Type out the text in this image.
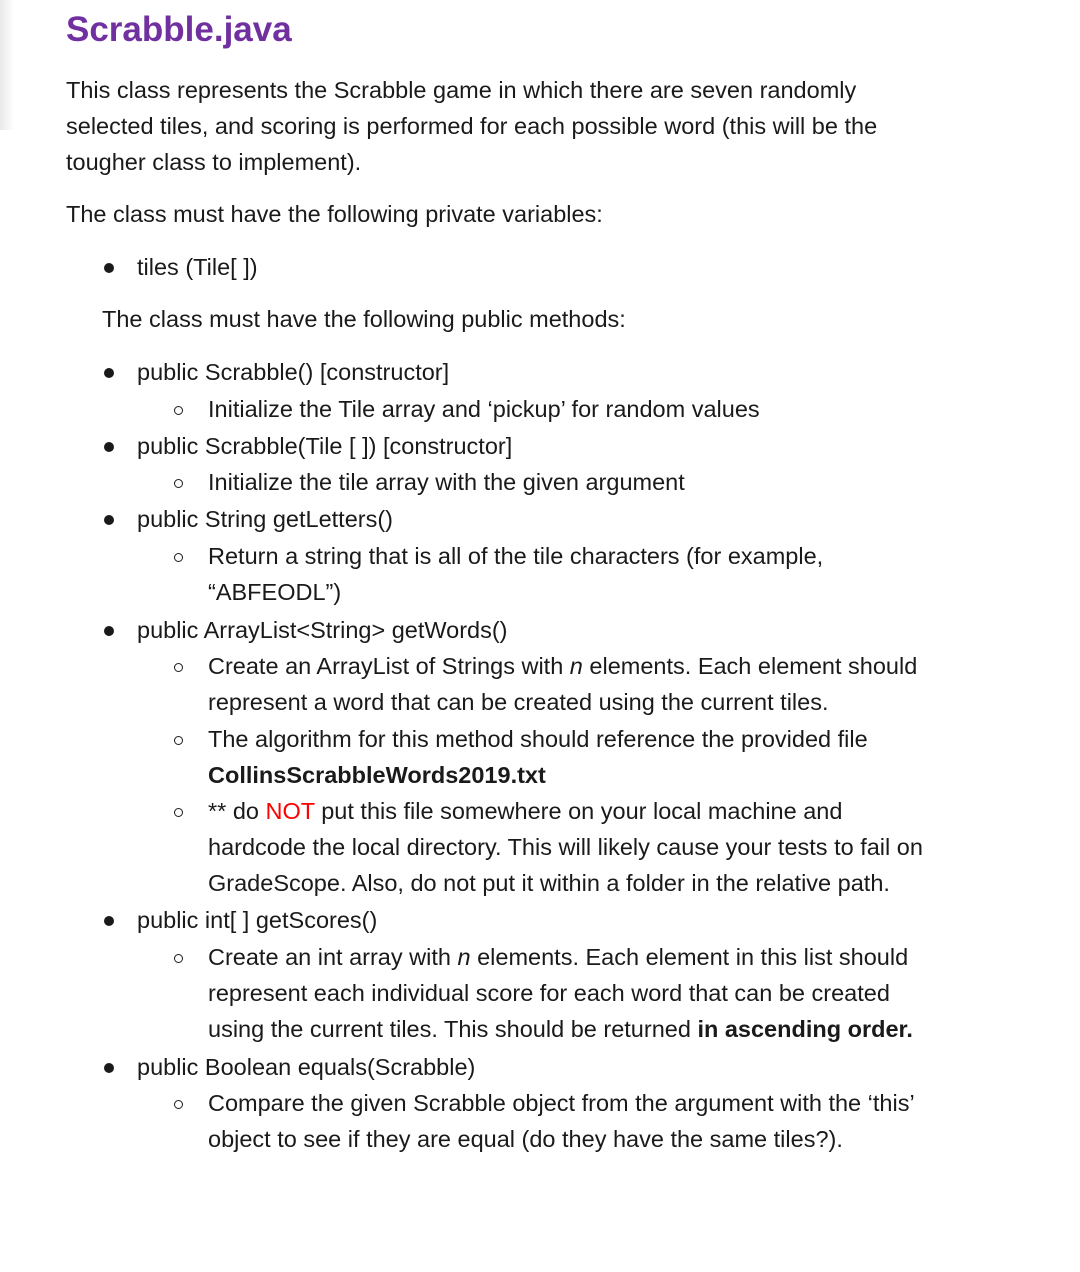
Scrabble.java
This class represents the Scrabble game in which there are seven randomly
selected tiles, and scoring is performed for each possible word (this will be the
tougher class to implement).
The class must have the following private variables:
tiles (Tile[ ])
The class must have the following public methods:
public Scrabble() [constructor]
Initialize the Tile array and ‘pickup’ for random values
public Scrabble(Tile [ ]) [constructor]
Initialize the tile array with the given argument
public String getLetters()
Return a string that is all of the tile characters (for example,
“ABFEODL”)
public ArrayList<String> getWords()
Create an ArrayList of Strings with n elements. Each element should
represent a word that can be created using the current tiles.
The algorithm for this method should reference the provided file
CollinsScrabbleWords2019.txt
** do NOT put this file somewhere on your local machine and
hardcode the local directory. This will likely cause your tests to fail on
GradeScope. Also, do not put it within a folder in the relative path.
public int[ ] getScores()
Create an int array with n elements. Each element in this list should
represent each individual score for each word that can be created
using the current tiles. This should be returned in ascending order.
public Boolean equals(Scrabble)
Compare the given Scrabble object from the argument with the ‘this’
object to see if they are equal (do they have the same tiles?).
